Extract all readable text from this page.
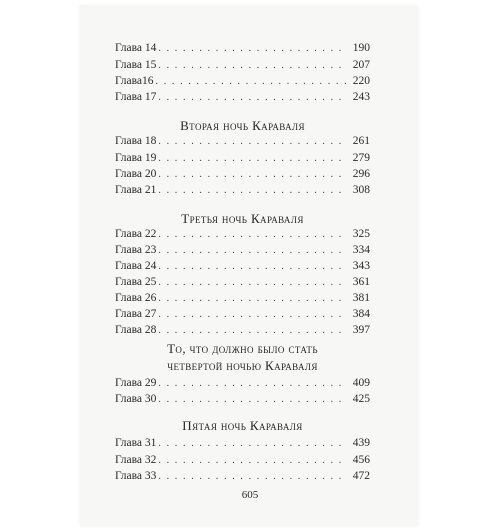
Глава 14 . . .	190
Глава 15 . . .	207
Глава16 . . .	220
Глава 17 . . .	243
Вторая ночь Караваля
Глава 18 . . .	261
Глава 19 . . .	279
Глава 20 . . .	296
Глава 21 . . .	308
Третья ночь Караваля
Глава 22 . . .	325
Глава 23 . . .	334
Глава 24 . . .	343
Глава 25 . . .	361
Глава 26 . . .	381
Глава 27 . . .	384
Глава 28 . . .	397
То, что должно было стать
четвертой ночью Караваля
Глава 29 . . .	409
Глава 30 . . .	425
Пятая ночь Караваля
Глава 31 . . .	439
Глава 32 . . .	456
Глава 33 . . .	472
605
